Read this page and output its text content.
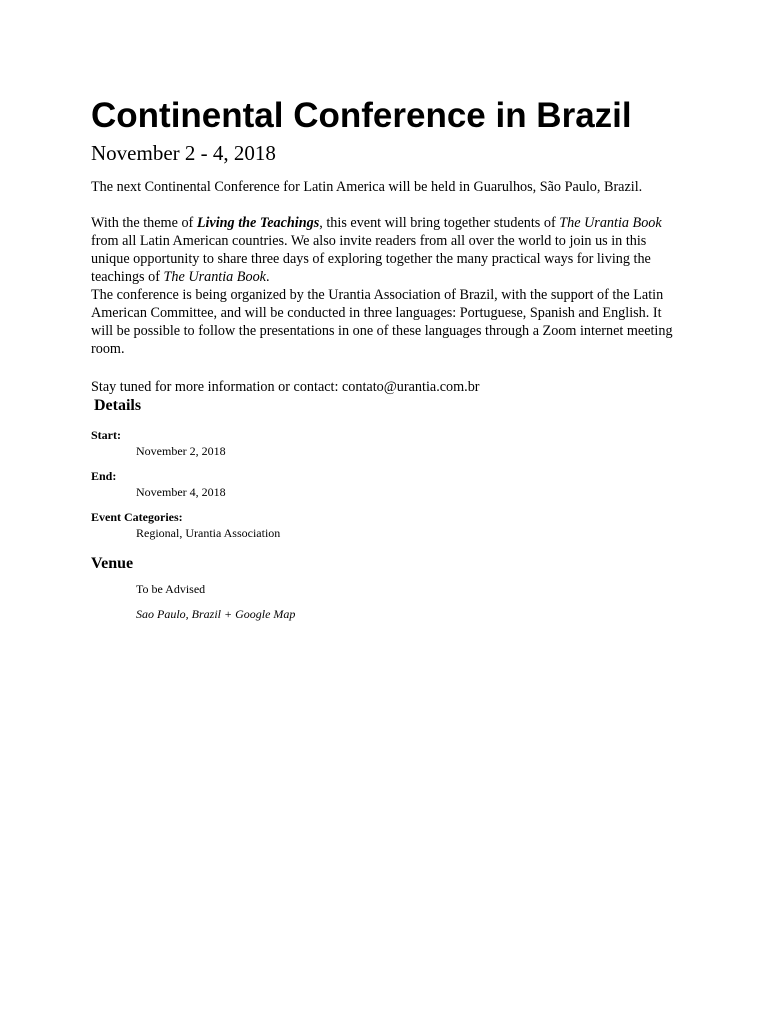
Continental Conference in Brazil
November 2 - 4, 2018

The next Continental Conference for Latin America will be held in Guarulhos, São Paulo, Brazil.

With the theme of Living the Teachings, this event will bring together students of The Urantia Book from all Latin American countries. We also invite readers from all over the world to join us in this unique opportunity to share three days of exploring together the many practical ways for living the teachings of The Urantia Book.

The conference is being organized by the Urantia Association of Brazil, with the support of the Latin American Committee, and will be conducted in three languages: Portuguese, Spanish and English. It will be possible to follow the presentations in one of these languages through a Zoom internet meeting room.

Stay tuned for more information or contact: contato@urantia.com.br

Details
Start:
November 2, 2018
End:
November 4, 2018
Event Categories:
Regional, Urantia Association
Venue
To be Advised
Sao Paulo, Brazil + Google Map
